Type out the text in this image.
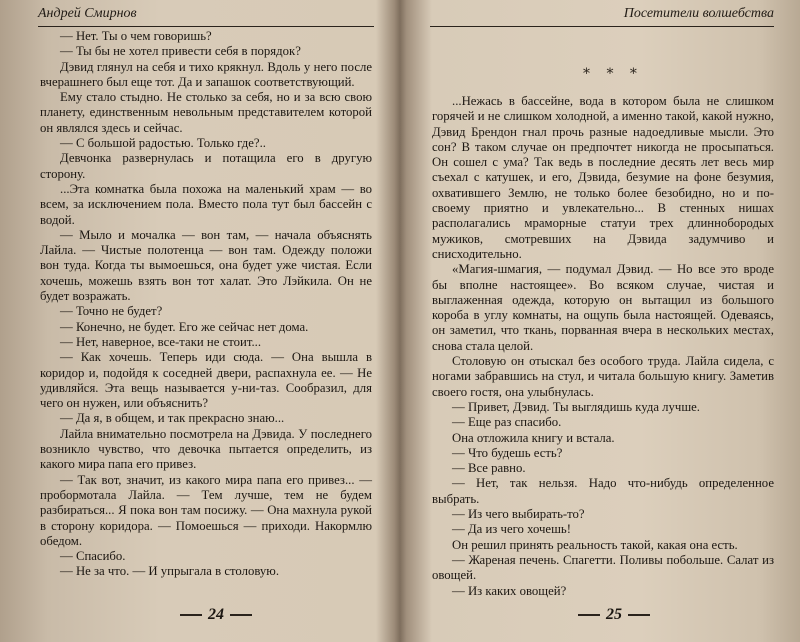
Андрей Смирнов

— Нет. Ты о чем говоришь?

— Ты бы не хотел привести себя в порядок?

Дэвид глянул на себя и тихо крякнул. Вдоль у него после вчерашнего был еще тот. Да и запашок соответствующий.

Ему стало стыдно. Не столько за себя, но и за всю свою планету, единственным невольным представителем которой он являлся здесь и сейчас.

— С большой радостью. Только где?..

Девчонка развернулась и потащила его в другую сторону.

...Эта комнатка была похожа на маленький храм — во всем, за исключением пола. Вместо пола тут был бассейн с водой.

— Мыло и мочалка — вон там, — начала объяснять Лайла. — Чистые полотенца — вон там. Одежду положи вон туда. Когда ты вымоешься, она будет уже чистая. Если хочешь, можешь взять вон тот халат. Это Лэйкила. Он не будет возражать.

— Точно не будет?

— Конечно, не будет. Его же сейчас нет дома.

— Нет, наверное, все-таки не стоит...

— Как хочешь. Теперь иди сюда. — Она вышла в коридор и, подойдя к соседней двери, распахнула ее. — Не удивляйся. Эта вещь называется у-ни-таз. Сообразил, для чего он нужен, или объяснить?

— Да я, в общем, и так прекрасно знаю...

Лайла внимательно посмотрела на Дэвида. У последнего возникло чувство, что девочка пытается определить, из какого мира папа его привез.

— Так вот, значит, из какого мира папа его привез... — пробормотала Лайла. — Тем лучше, тем не будем разбираться... Я пока вон там посижу. — Она махнула рукой в сторону коридора. — Помоешься — приходи. Накормлю обедом.

— Спасибо.

— Не за что. — И упрыгала в столовую.

24
Посетители волшебства
* * *

...Нежась в бассейне, вода в котором была не слишком горячей и не слишком холодной, а именно такой, какой нужно, Дэвид Брендон гнал прочь разные надоедливые мысли. Это сон? В таком случае он предпочтет никогда не просыпаться. Он сошел с ума? Так ведь в последние десять лет весь мир съехал с катушек, и его, Дэвида, безумие на фоне безумия, охватившего Землю, не только более безобидно, но и по-своему приятно и увлекательно... В стенных нишах располагались мраморные статуи трех длиннобородых мужиков, смотревших на Дэвида задумчиво и снисходительно.

«Магия-шмагия, — подумал Дэвид. — Но все это вроде бы вполне настоящее». Во всяком случае, чистая и выглаженная одежда, которую он вытащил из большого короба в углу комнаты, на ощупь была настоящей. Одеваясь, он заметил, что ткань, порванная вчера в нескольких местах, снова стала целой.

Столовую он отыскал без особого труда. Лайла сидела, с ногами забравшись на стул, и читала большую книгу. Заметив своего гостя, она улыбнулась.

— Привет, Дэвид. Ты выглядишь куда лучше.

— Еще раз спасибо.

Она отложила книгу и встала.

— Что будешь есть?

— Все равно.

— Нет, так нельзя. Надо что-нибудь определенное выбрать.

— Из чего выбирать-то?

— Да из чего хочешь!

Он решил принять реальность такой, какая она есть.

— Жареная печень. Спагетти. Поливы побольше. Салат из овощей.

— Из каких овощей?

25
